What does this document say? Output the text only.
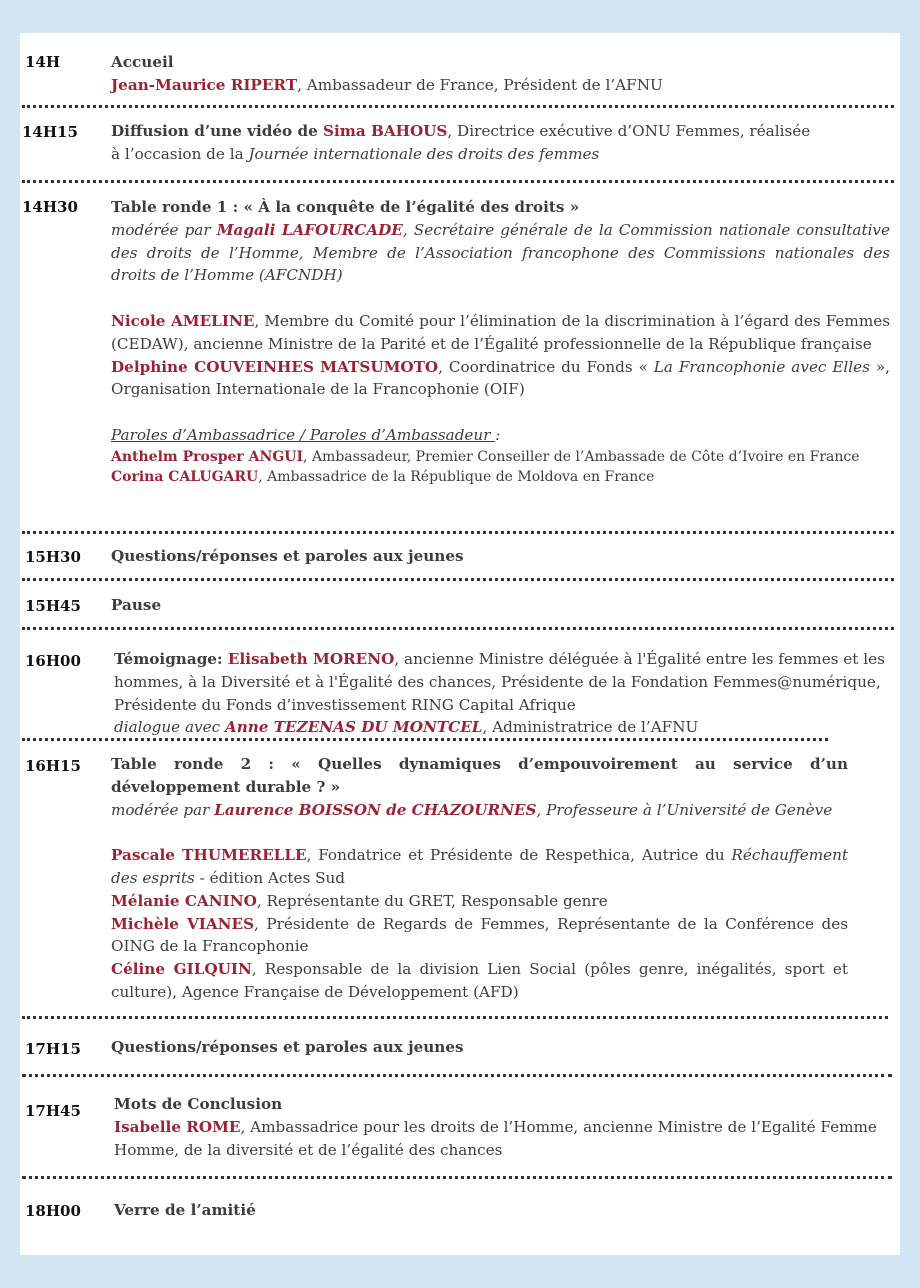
14H	Accueil

Jean-Maurice RIPERT, Ambassadeur de France, Président de l’AFNU

14H15 Diffusion d’une vidéo de Sima BAHOUS, Directrice exécutive d’ONU Femmes, réalisée

à l’occasion de la Journée internationale des droits des femmes

14H30 Table ronde 1 : « À la conquête de l’égalité des droits »

modérée par Magali LAFOURCADE, Secrétaire générale de la Commission nationale consultative des droits de l’Homme, Membre de l’Association francophone des Commissions nationales des droits de l’Homme (AFCNDH)

Nicole AMELINE, Membre du Comité pour l’élimination de la discrimination à l’égard des Femmes (CEDAW), ancienne Ministre de la Parité et de l’Égalité professionnelle de la République française

Delphine COUVEINHES MATSUMOTO, Coordinatrice du Fonds « La Francophonie avec Elles », Organisation Internationale de la Francophonie (OIF)

Paroles d’Ambassadrice / Paroles d’Ambassadeur :

Anthelm Prosper ANGUI, Ambassadeur, Premier Conseiller de l’Ambassade de Côte d’Ivoire en France

Corina CALUGARU, Ambassadrice de la République de Moldova en France

15H30 Questions/réponses et paroles aux jeunes

15H45 Pause

16H00 Témoignage: Elisabeth MORENO, ancienne Ministre déléguée à l'Égalité entre les femmes et les hommes, à la Diversité et à l'Égalité des chances, Présidente de la Fondation Femmes@numérique, Présidente du Fonds d’investissement RING Capital Afrique

dialogue avec Anne TEZENAS DU MONTCEL, Administratrice de l’AFNU

16H15 Table ronde 2 : « Quelles dynamiques d’empouvoirement au service d’un développement durable ? »

modérée par Laurence BOISSON de CHAZOURNES, Professeure à l’Université de Genève

Pascale THUMERELLE, Fondatrice et Présidente de Respethica, Autrice du Réchauffement des esprits - édition Actes Sud

Mélanie CANINO, Représentante du GRET, Responsable genre

Michèle VIANES, Présidente de Regards de Femmes, Représentante de la Conférence des OING de la Francophonie

Céline GILQUIN, Responsable de la division Lien Social (pôles genre, inégalités, sport et culture), Agence Française de Développement (AFD)

17H15 Questions/réponses et paroles aux jeunes

17H45 Mots de Conclusion

Isabelle ROME, Ambassadrice pour les droits de l’Homme, ancienne Ministre de l’Egalité Femme Homme, de la diversité et de l’égalité des chances

18H00 Verre de l’amitié
